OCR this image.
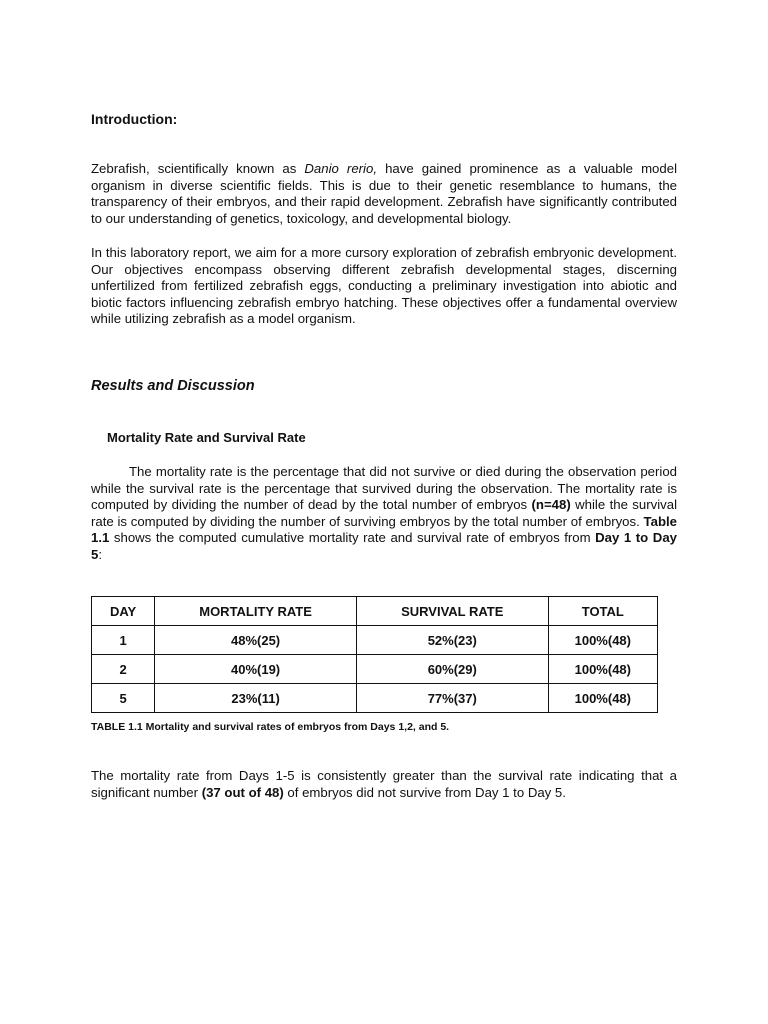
Introduction:

Zebrafish, scientifically known as Danio rerio, have gained prominence as a valuable model organism in diverse scientific fields. This is due to their genetic resemblance to humans, the transparency of their embryos, and their rapid development. Zebrafish have significantly contributed to our understanding of genetics, toxicology, and developmental biology.

In this laboratory report, we aim for a more cursory exploration of zebrafish embryonic development. Our objectives encompass observing different zebrafish developmental stages, discerning unfertilized from fertilized zebrafish eggs, conducting a preliminary investigation into abiotic and biotic factors influencing zebrafish embryo hatching. These objectives offer a fundamental overview while utilizing zebrafish as a model organism.

Results and Discussion
Mortality Rate and Survival Rate

The mortality rate is the percentage that did not survive or died during the observation period while the survival rate is the percentage that survived during the observation. The mortality rate is computed by dividing the number of dead by the total number of embryos (n=48) while the survival rate is computed by dividing the number of surviving embryos by the total number of embryos. Table 1.1 shows the computed cumulative mortality rate and survival rate of embryos from Day 1 to Day 5:

DAY	MORTALITY RATE	SURVIVAL RATE	TOTAL
1	48%(25)	52%(23)	100%(48)
2	40%(19)	60%(29)	100%(48)
5	23%(11)	77%(37)	100%(48)

TABLE 1.1 Mortality and survival rates of embryos from Days 1,2, and 5.

The mortality rate from Days 1-5 is consistently greater than the survival rate indicating that a significant number (37 out of 48) of embryos did not survive from Day 1 to Day 5.
